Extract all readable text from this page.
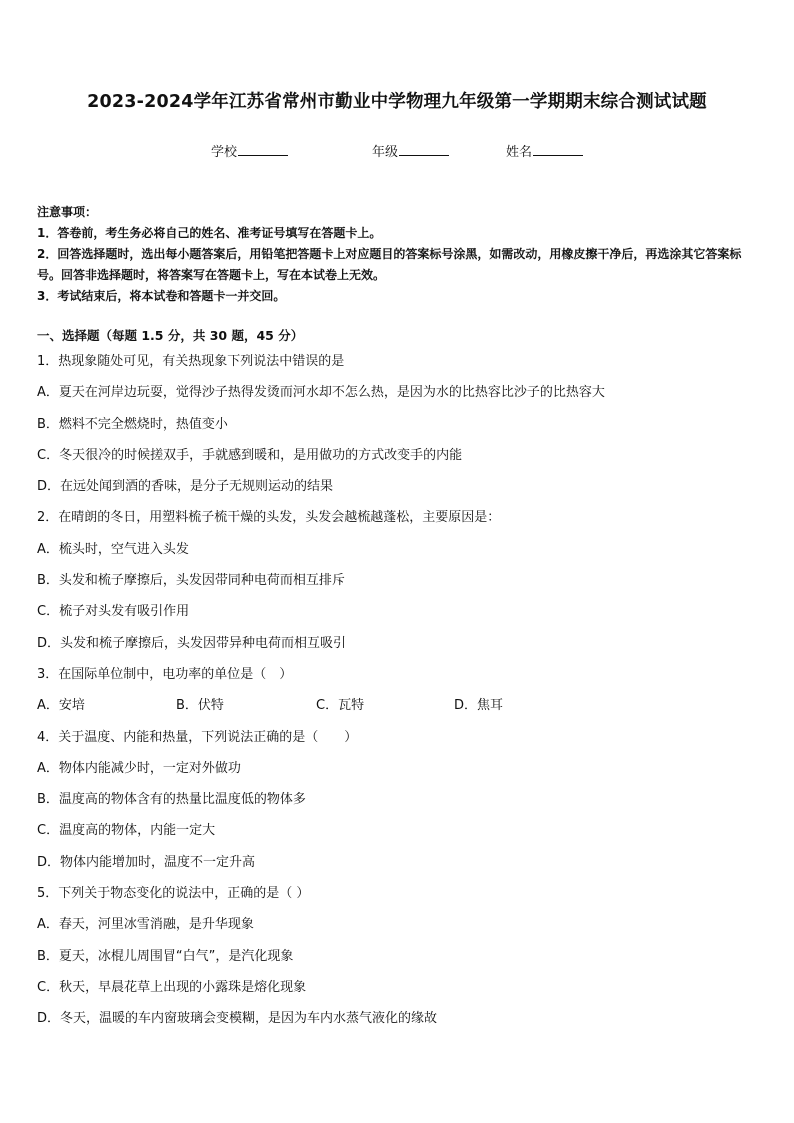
2023-2024学年江苏省常州市勤业中学物理九年级第一学期期末综合测试试题
学校	年级	姓名

注意事项：

1．答卷前，考生务必将自己的姓名、准考证号填写在答题卡上。

2．回答选择题时，选出每小题答案后，用铅笔把答题卡上对应题目的答案标号涂黑，如需改动，用橡皮擦干净后，再选涂其它答案标号。回答非选择题时，将答案写在答题卡上，写在本试卷上无效。

3．考试结束后，将本试卷和答题卡一并交回。

一、选择题（每题 1.5 分，共 30 题，45 分）
1．热现象随处可见，有关热现象下列说法中错误的是
A．夏天在河岸边玩耍，觉得沙子热得发烫而河水却不怎么热，是因为水的比热容比沙子的比热容大
B．燃料不完全燃烧时，热值变小
C．冬天很冷的时候搓双手，手就感到暖和，是用做功的方式改变手的内能
D．在远处闻到酒的香味，是分子无规则运动的结果
2．在晴朗的冬日，用塑料梳子梳干燥的头发，头发会越梳越蓬松，主要原因是：
A．梳头时，空气进入头发
B．头发和梳子摩擦后，头发因带同种电荷而相互排斥
C．梳子对头发有吸引作用
D．头发和梳子摩擦后，头发因带异种电荷而相互吸引
3．在国际单位制中，电功率的单位是（　）
A．安培	B．伏特	C．瓦特	D．焦耳
4．关于温度、内能和热量，下列说法正确的是（　　）
A．物体内能减少时，一定对外做功
B．温度高的物体含有的热量比温度低的物体多
C．温度高的物体，内能一定大
D．物体内能增加时，温度不一定升高
5．下列关于物态变化的说法中，正确的是（ ）
A．春天，河里冰雪消融，是升华现象
B．夏天，冰棍儿周围冒“白气”，是汽化现象
C．秋天，早晨花草上出现的小露珠是熔化现象
D．冬天，温暖的车内窗玻璃会变模糊，是因为车内水蒸气液化的缘故
